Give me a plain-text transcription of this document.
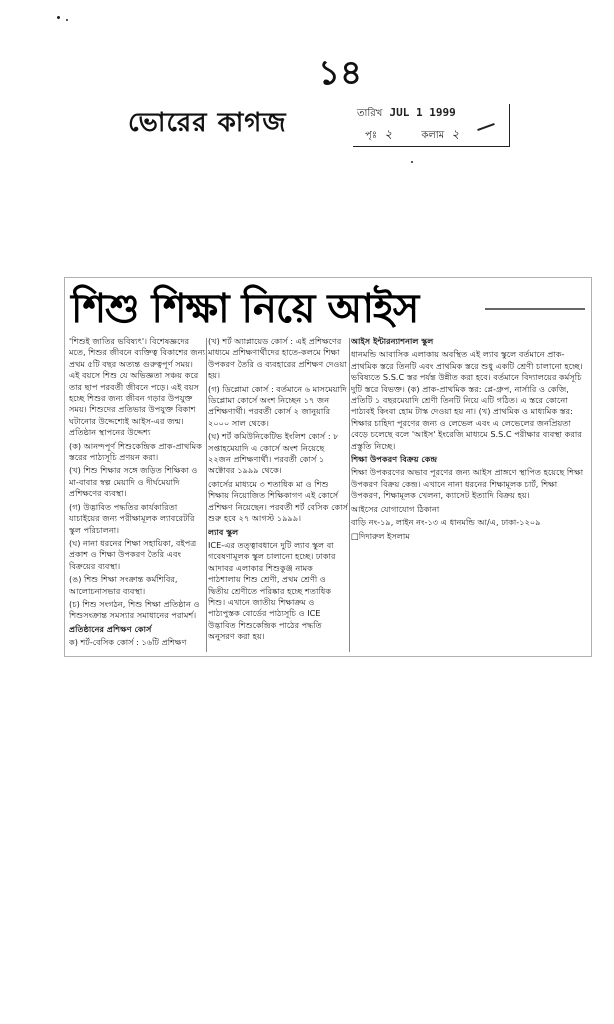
১৪
ভোরের কাগজ	তারিখ JUL 1 1999
পৃঃ ২	কলাম ২
শিশু শিক্ষা নিয়ে আইস

'শিশুই জাতির ভবিষ্যৎ'। বিশেষজ্ঞদের মতে, শিশুর জীবনে ব্যক্তিত্ব বিকাশের জন্য প্রথম ৫টি বছর অত্যন্ত গুরুত্বপূর্ণ সময়। এই বয়সে শিশু যে অভিজ্ঞতা সঞ্চয় করে তার ছাপ পরবর্তী জীবনে পড়ে। এই বয়স হচ্ছে শিশুর জন্য জীবন গড়ার উপযুক্ত সময়। শিশুদের প্রতিভার উপযুক্ত বিকাশ ঘটানোর উদ্দেশ্যেই আইস-এর জন্ম। প্রতিষ্ঠান স্থাপনের উদ্দেশ্য

(ক) আনন্দপূর্ণ শিশুকেন্দ্রিক প্রাক-প্রাথমিক স্তরের পাঠ্যসূচি প্রণয়ন করা।

(খ) শিশু শিক্ষার সঙ্গে জড়িত শিক্ষিকা ও মা-বাবার স্বল্প মেয়াদি ও দীর্ঘমেয়াদি প্রশিক্ষণের ব্যবস্থা।

(গ) উদ্ভাবিত পদ্ধতির কার্যকারিতা যাচাইয়ের জন্য পরীক্ষামূলক ল্যাবরেটরি স্কুল পরিচালনা।

(ঘ) নানা ধরনের শিক্ষা সহায়িকা, বইপত্র প্রকাশ ও শিক্ষা উপকরণ তৈরি এবং বিক্রয়ের ব্যবস্থা।

(ঙ) শিশু শিক্ষা সংক্রান্ত কর্মশিবির, আলোচনাসভার ব্যবস্থা।

(চ) শিশু সংগঠন, শিশু শিক্ষা প্রতিষ্ঠান ও শিশুসংক্রান্ত সমস্যার সমাধানের পরামর্শ।

প্রতিষ্ঠানের প্রশিক্ষণ কোর্স

ক) শর্ট-বেসিক কোর্স : ১৬টি প্রশিক্ষণ

(খ) শর্ট অ্যাপ্লায়েড কোর্স : এই প্রশিক্ষণের মাধ্যমে প্রশিক্ষণার্থীদের হাতে-কলমে শিক্ষা উপকরণ তৈরি ও ব্যবহারের প্রশিক্ষণ দেওয়া হয়।

(গ) ডিপ্লোমা কোর্স : বর্তমানে ৬ মাসমেয়াদি ডিপ্লোমা কোর্সে অংশ নিচ্ছেন ১৭ জন প্রশিক্ষণার্থী। পরবর্তী কোর্স ২ জানুয়ারি ২০০০ সাল থেকে।

(ঘ) শর্ট কমিউনিকেটিভ ইংলিশ কোর্স : ৮ সপ্তাহমেয়াদি এ কোর্সে অংশ নিয়েছে ২২জন প্রশিক্ষণার্থী। পরবর্তী কোর্স ১ অক্টোবর ১৯৯৯ থেকে।

কোর্সের মাধ্যমে ৩ শতাধিক মা ও শিশু শিক্ষায় নিয়োজিত শিক্ষিকাগণ এই কোর্সে প্রশিক্ষণ নিয়েছেন। পরবর্তী শর্ট বেসিক কোর্স শুরু হবে ২৭ আগস্ট ১৯৯৯।

ল্যাব স্কুল

ICE-এর তত্ত্বাবধানে দুটি ল্যাব স্কুল বা গবেষণামূলক স্কুল চালানো হচ্ছে। ঢাকার আদাবর এলাকার শিশুকুঞ্জ নামক পাঠশালায় শিশু শ্রেণী, প্রথম শ্রেণী ও দ্বিতীয় শ্রেণীতে পরিষ্কার হচ্ছে শতাধিক শিশু। এখানে জাতীয় শিক্ষাক্রম ও পাঠ্যপুস্তক বোর্ডের পাঠ্যসূচি ও ICE উদ্ভাবিত শিশুকেন্দ্রিক পাঠের পদ্ধতি অনুসরণ করা হয়।

আইস ইন্টারন্যাশনাল স্কুল

ধানমন্ডি আবাসিক এলাকায় অবস্থিত এই ল্যাব স্কুলে বর্তমানে প্রাক-প্রাথমিক স্তরে তিনটি এবং প্রাথমিক স্তরে শুধু একটি শ্রেণী চালানো হচ্ছে। ভবিষ্যতে S.S.C স্তর পর্যন্ত উন্নীত করা হবে। বর্তমানে বিদ্যালয়ের কর্মসূচি দুটি স্তরে বিভক্ত। (ক) প্রাক-প্রাথমিক স্তর: প্লে-গ্রুপ, নার্সারি ও কেজি, প্রতিটি ১ বছরমেয়াদি শ্রেণী তিনটি নিয়ে এটি গঠিত। এ স্তরে কোনো পাঠ্যবই কিংবা হোম টাস্ক দেওয়া হয় না। (খ) প্রাথমিক ও মাধ্যমিক স্তর: শিক্ষার চাহিদা পূরণের জন্য ও লেভেল এবং এ লেভেলের জনপ্রিয়তা বেড়ে চলেছে বলে 'আইস' ইংরেজি মাধ্যমে S.S.C পরীক্ষার ব্যবস্থা করার প্রস্তুতি নিচ্ছে।

শিক্ষা উপকরণ বিক্রয় কেন্দ্র

শিক্ষা উপকরণের অভাব পূরণের জন্য আইস প্রাঙ্গণে স্থাপিত হয়েছে শিক্ষা উপকরণ বিক্রয় কেন্দ্র। এখানে নানা ধরনের শিক্ষামূলক চার্ট, শিক্ষা উপকরণ, শিক্ষামূলক খেলনা, ক্যাসেট ইত্যাদি বিক্রয় হয়।

আইসের যোগাযোগ ঠিকানা

বাড়ি নং-১৯, লাইন নং-১৩ এ ধানমন্ডি আ/এ, ঢাকা-১২০৯

□ দিদারুল ইসলাম
